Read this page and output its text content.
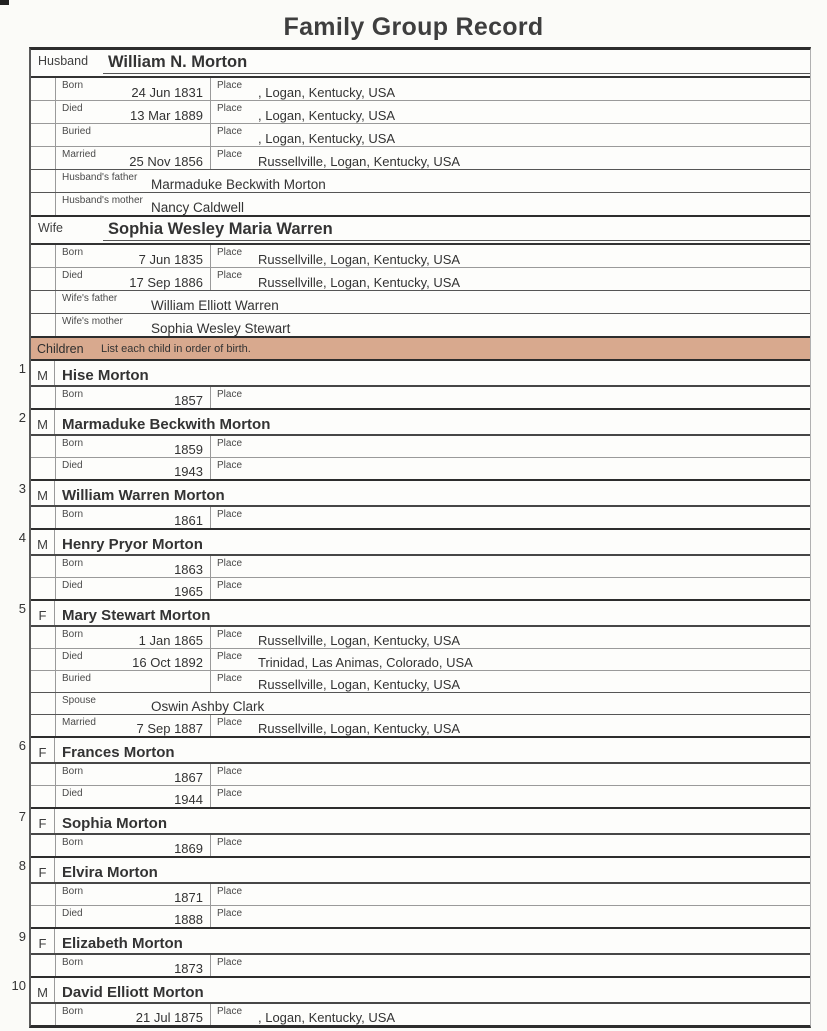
Family Group Record
Husband	William N. Morton
Born	24 Jun 1831 Place , Logan, Kentucky, USA
Died	13 Mar 1889 Place , Logan, Kentucky, USA
Buried	Place , Logan, Kentucky, USA
Married	25 Nov 1856 Place Russellville, Logan, Kentucky, USA
Husband's father Marmaduke Beckwith Morton
Husband's mother Nancy Caldwell
Wife	Sophia Wesley Maria Warren
Born	7 Jun 1835 Place Russellville, Logan, Kentucky, USA
Died	17 Sep 1886 Place Russellville, Logan, Kentucky, USA
Wife's father William Elliott Warren
Wife's mother Sophia Wesley Stewart
Children List each child in order of birth.
1 M Hise Morton
Born	1857 Place
2 M Marmaduke Beckwith Morton
Born	1859 Place
Died	1943 Place
3 M William Warren Morton
Born	1861 Place
4 M Henry Pryor Morton
Born	1863 Place
Died	1965 Place
5 F	Mary Stewart Morton
Born	1 Jan 1865 Place Russellville, Logan, Kentucky, USA
Died	16 Oct 1892 Place Trinidad, Las Animas, Colorado, USA
Buried	Place Russellville, Logan, Kentucky, USA
Spouse	Oswin Ashby Clark
Married	7 Sep 1887 Place Russellville, Logan, Kentucky, USA
6 F	Frances Morton
Born	1867 Place
Died	1944 Place
7 F	Sophia Morton
Born	1869 Place
8 F	Elvira Morton
Born	1871 Place
Died	1888 Place
9 F	Elizabeth Morton
Born	1873 Place
10 M David Elliott Morton
Born	21 Jul 1875 Place , Logan, Kentucky, USA
